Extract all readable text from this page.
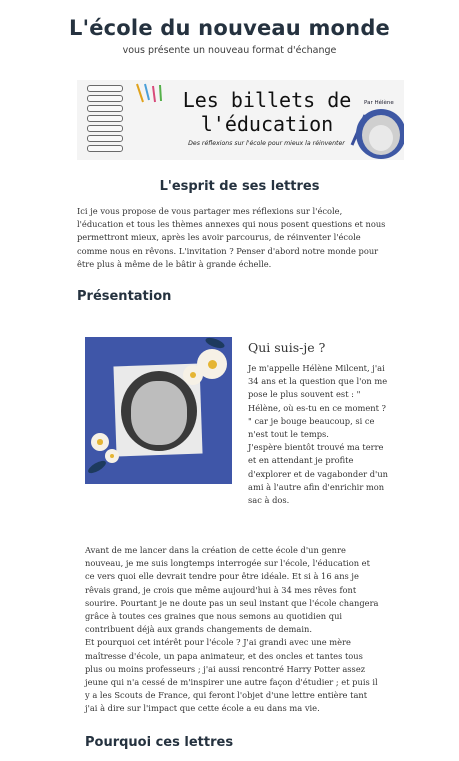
L'école du nouveau monde
vous présente un nouveau format d'échange
Les billets de
l'éducation
Des réflexions sur l'école pour mieux la réinventer
Par Hélène
L'esprit de ses lettres
Ici je vous propose de vous partager mes réflexions sur l'école,
l'éducation et tous les thèmes annexes qui nous posent questions et nous
permettront mieux, après les avoir parcourus, de réinventer l'école
comme nous en rêvons. L'invitation ? Penser d'abord notre monde pour
être plus à même de le bâtir à grande échelle.
Présentation
Qui suis-je ?
Je m'appelle Hélène Milcent, j'ai
34 ans et la question que l'on me
pose le plus souvent est : "
Hélène, où es-tu en ce moment ?
" car je bouge beaucoup, si ce
n'est tout le temps.
J'espère bientôt trouvé ma terre
et en attendant je profite
d'explorer et de vagabonder d'un
ami à l'autre afin d'enrichir mon
sac à dos.
Avant de me lancer dans la création de cette école d'un genre
nouveau, je me suis longtemps interrogée sur l'école, l'éducation et
ce vers quoi elle devrait tendre pour être idéale. Et si à 16 ans je
rêvais grand, je crois que même aujourd'hui à 34 mes rêves font
sourire. Pourtant je ne doute pas un seul instant que l'école changera
grâce à toutes ces graines que nous semons au quotidien qui
contribuent déjà aux grands changements de demain.
Et pourquoi cet intérêt pour l'école ? J'ai grandi avec une mère
maîtresse d'école, un papa animateur, et des oncles et tantes tous
plus ou moins professeurs ; j'ai aussi rencontré Harry Potter assez
jeune qui n'a cessé de m'inspirer une autre façon d'étudier ; et puis il
y a les Scouts de France, qui feront l'objet d'une lettre entière tant
j'ai à dire sur l'impact que cette école a eu dans ma vie.
Pourquoi ces lettres
